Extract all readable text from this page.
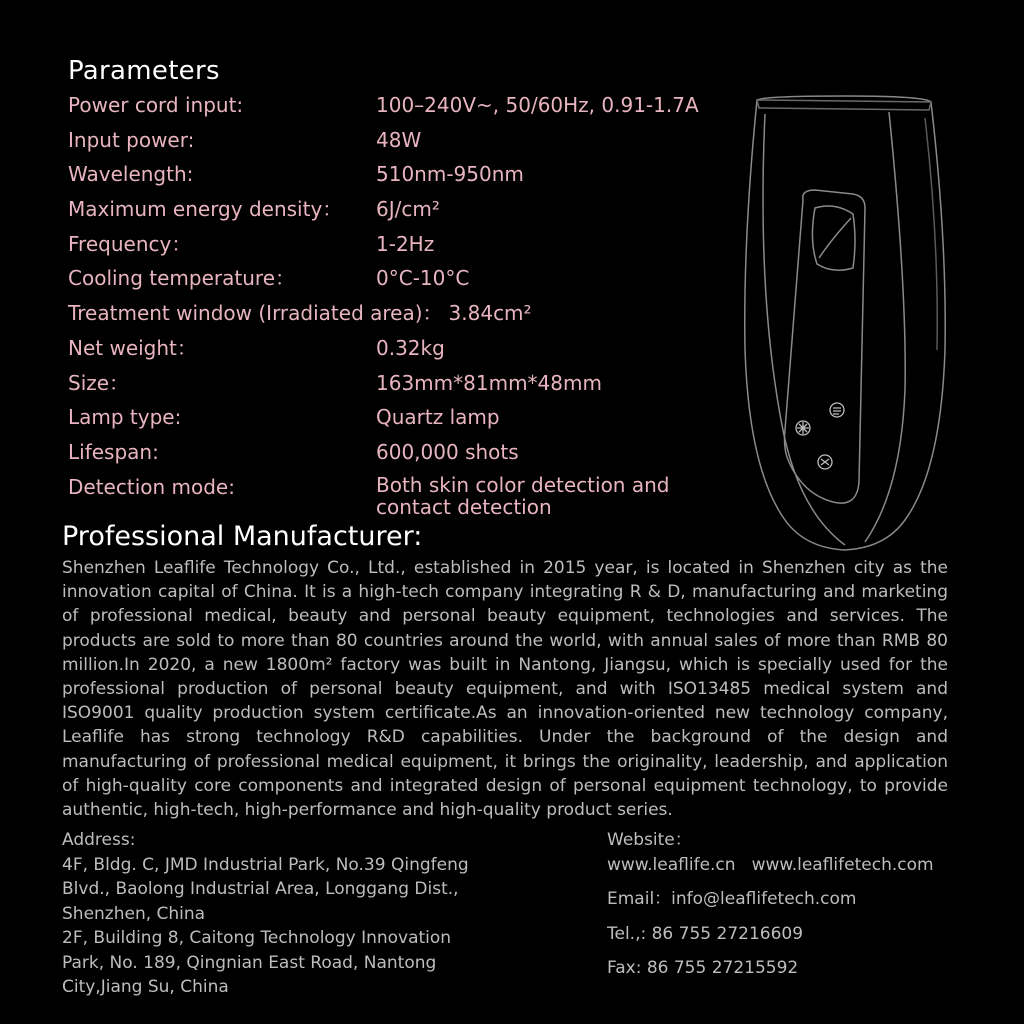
Parameters
Power cord input:	100–240V~, 50/60Hz, 0.91-1.7A
Input power:	48W
Wavelength:	510nm-950nm
Maximum energy density： 6J/cm²
Frequency：	1-2Hz
Cooling temperature：	0°C-10°C
Treatment window (Irradiated area)： 3.84cm²
Net weight：	0.32kg
Size：	163mm*81mm*48mm
Lamp type:	Quartz lamp
Lifespan:	600,000 shots
Detection mode:	Both skin color detection and contact detection
Professional Manufacturer:

Shenzhen Leaflife Technology Co., Ltd., established in 2015 year, is located in Shenzhen city as the innovation capital of China. It is a high-tech company integrating R & D, manufacturing and marketing of professional medical, beauty and personal beauty equipment, technologies and services. The products are sold to more than 80 countries around the world, with annual sales of more than RMB 80 million.In 2020, a new 1800m² factory was built in Nantong, Jiangsu, which is specially used for the professional production of personal beauty equipment, and with ISO13485 medical system and ISO9001 quality production system certificate.As an innovation-oriented new technology company, Leaflife has strong technology R&D capabilities. Under the background of the design and manufacturing of professional medical equipment, it brings the originality, leadership, and application of high-quality core components and integrated design of personal equipment technology, to provide authentic, high-tech, high-performance and high-quality product series.

Address:
4F, Bldg. C, JMD Industrial Park, No.39 Qingfeng
Blvd., Baolong Industrial Area, Longgang Dist.,
Shenzhen, China
2F, Building 8, Caitong Technology Innovation
Park, No. 189, Qingnian East Road, Nantong
City,Jiang Su, China
Website：
www.leaflife.cn www.leaflifetech.com
Email：info@leaflifetech.com
Tel.,: 86 755 27216609
Fax: 86 755 27215592
